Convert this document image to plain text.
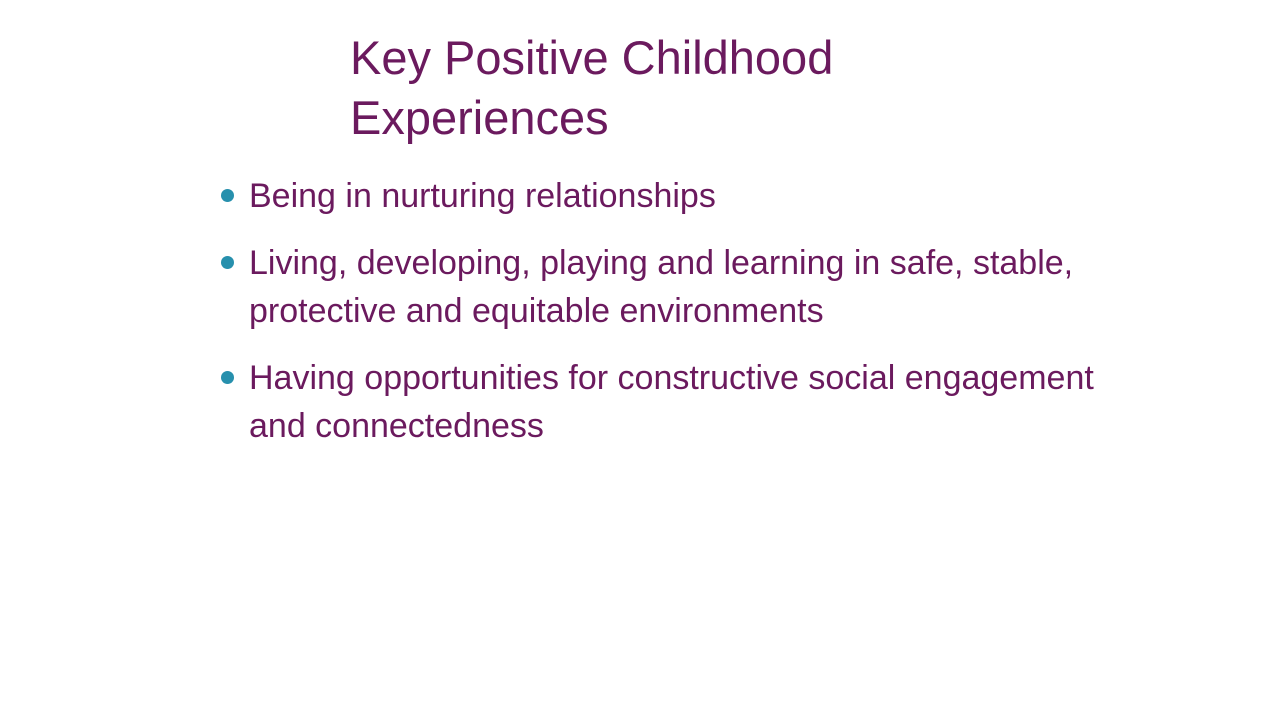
Key Positive Childhood Experiences
Being in nurturing relationships
Living, developing, playing and learning in safe, stable, protective and equitable environments
Having opportunities for constructive social engagement and connectedness
